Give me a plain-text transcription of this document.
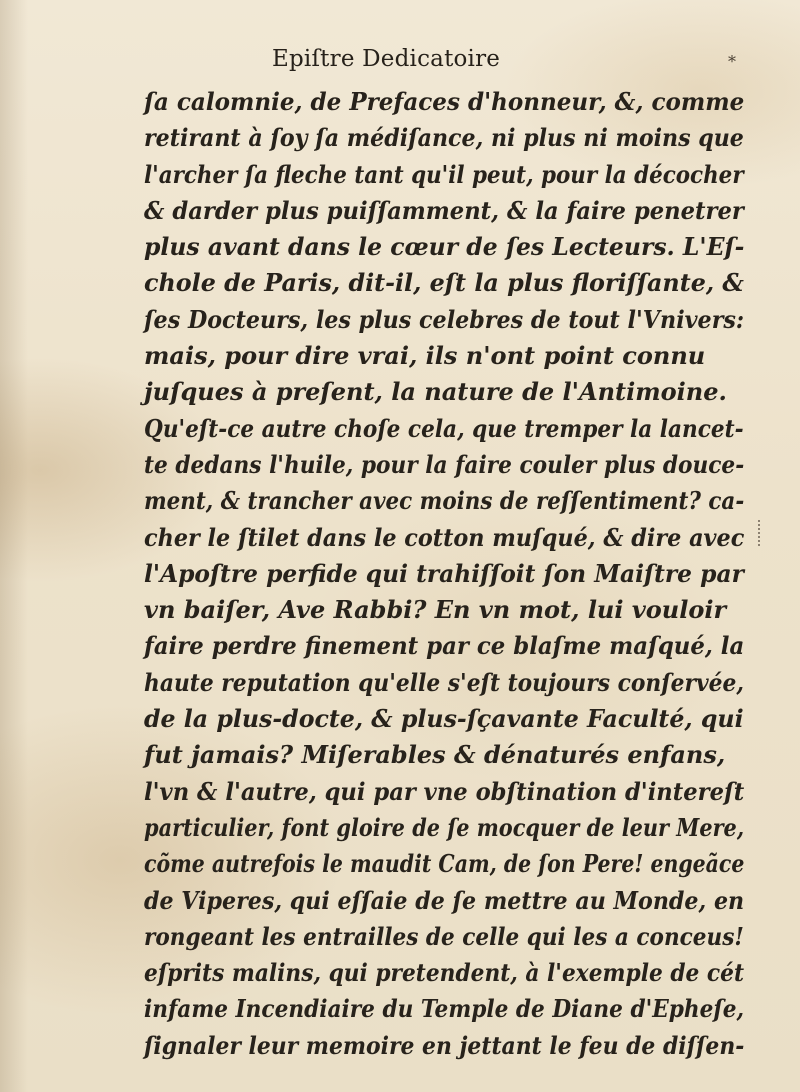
Epiſtre Dedicatoire	*
ſa calomnie, de Prefaces d'honneur, &, comme
retirant à ſoy ſa médiſance, ni plus ni moins que
l'archer ſa fleche tant qu'il peut, pour la décocher
& darder plus puiſſamment, & la faire penetrer
plus avant dans le cœur de ſes Lecteurs. L'Eſ-
chole de Paris, dit-il, eſt la plus floriſſante, &
ſes Docteurs, les plus celebres de tout l'Vnivers:
mais, pour dire vrai, ils n'ont point connu
juſques à preſent, la nature de l'Antimoine.
Qu'eſt-ce autre choſe cela, que tremper la lancet-
te dedans l'huile, pour la faire couler plus douce-
ment, & trancher avec moins de reſſentiment? ca-
cher le ſtilet dans le cotton muſqué, & dire avec
l'Apoſtre perfide qui trahiſſoit ſon Maiſtre par
vn baiſer, Ave Rabbi? En vn mot, lui vouloir
faire perdre finement par ce blaſme maſqué, la
haute reputation qu'elle s'eſt toujours conſervée,
de la plus-docte, & plus-ſçavante Faculté, qui
fut jamais? Miſerables & dénaturés enfans,
l'vn & l'autre, qui par vne obſtination d'intereſt
particulier, font gloire de ſe mocquer de leur Mere,
cõme autrefois le maudit Cam, de ſon Pere! engeãce
de Viperes, qui eſſaie de ſe mettre au Monde, en
rongeant les entrailles de celle qui les a conceus!
eſprits malins, qui pretendent, à l'exemple de cét
infame Incendiaire du Temple de Diane d'Epheſe,
ſignaler leur memoire en jettant le feu de diſſen-
